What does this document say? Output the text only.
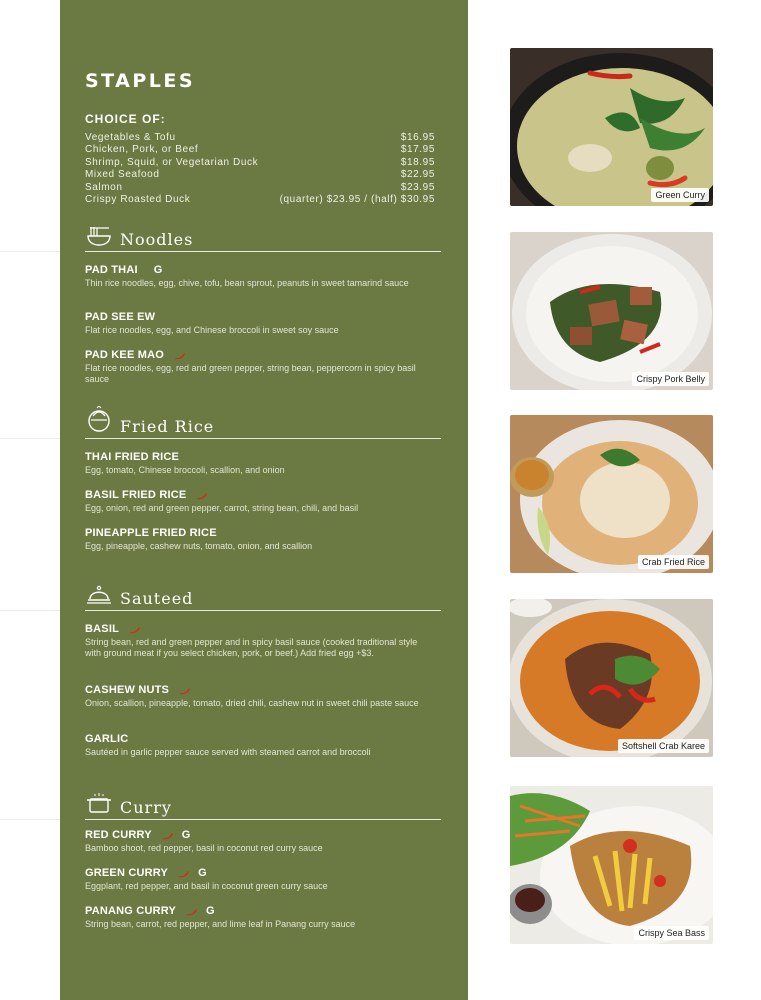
STAPLES
CHOICE OF:
Vegetables & Tofu	$16.95
Chicken, Pork, or Beef	$17.95
Shrimp, Squid, or Vegetarian Duck	$18.95
Mixed Seafood	$22.95
Salmon	$23.95
Crispy Roasted Duck	(quarter) $23.95 / (half) $30.95
Noodles
PAD THAI G
Thin rice noodles, egg, chive, tofu, bean sprout, peanuts in sweet tamarind sauce
PAD SEE EW
Flat rice noodles, egg, and Chinese broccoli in sweet soy sauce
PAD KEE MAO
Flat rice noodles, egg, red and green pepper, string bean, peppercorn in spicy basil sauce
Fried Rice
THAI FRIED RICE
Egg, tomato, Chinese broccoli, scallion, and onion
BASIL FRIED RICE
Egg, onion, red and green pepper, carrot, string bean, chili, and basil
PINEAPPLE FRIED RICE
Egg, pineapple, cashew nuts, tomato, onion, and scallion
Sauteed
BASIL
String bean, red and green pepper and in spicy basil sauce (cooked traditional style with ground meat if you select chicken, pork, or beef.) Add fried egg +$3.
CASHEW NUTS
Onion, scallion, pineapple, tomato, dried chili, cashew nut in sweet chili paste sauce
GARLIC
Sautéed in garlic pepper sauce served with steamed carrot and broccoli
Curry
RED CURRY	G
Bamboo shoot, red pepper, basil in coconut red curry sauce
GREEN CURRY	G
Eggplant, red pepper, and basil in coconut green curry sauce
PANANG CURRY	G
String bean, carrot, red pepper, and lime leaf in Panang curry sauce
Green Curry
Crispy Pork Belly
Crab Fried Rice
Softshell Crab Karee
Crispy Sea Bass
